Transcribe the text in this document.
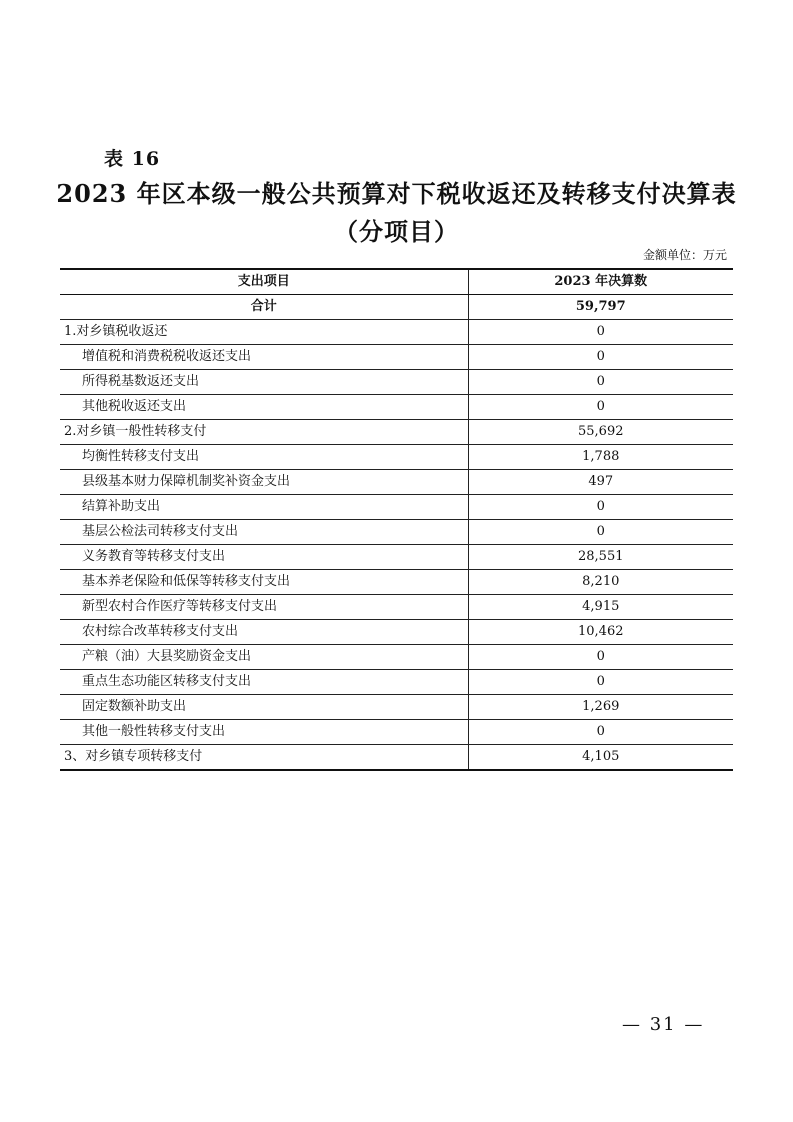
表 16
2023 年区本级一般公共预算对下税收返还及转移支付决算表
（分项目）
金额单位：万元
支出项目	2023 年决算数
合计	59,797
1.对乡镇税收返还	0
增值税和消费税税收返还支出	0
所得税基数返还支出	0
其他税收返还支出	0
2.对乡镇一般性转移支付	55,692
均衡性转移支付支出	1,788
县级基本财力保障机制奖补资金支出	497
结算补助支出	0
基层公检法司转移支付支出	0
义务教育等转移支付支出	28,551
基本养老保险和低保等转移支付支出	8,210
新型农村合作医疗等转移支付支出	4,915
农村综合改革转移支付支出	10,462
产粮（油）大县奖励资金支出	0
重点生态功能区转移支付支出	0
固定数额补助支出	1,269
其他一般性转移支付支出	0
3、对乡镇专项转移支付	4,105
— 31 —
